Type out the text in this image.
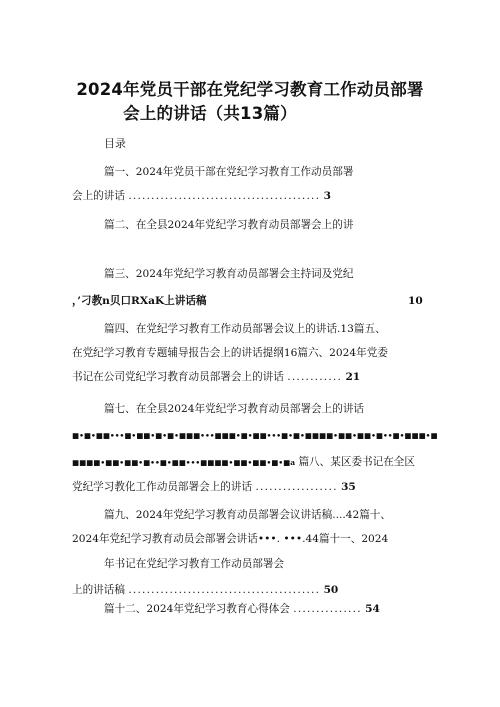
2024年党员干部在党纪学习教育工作动员部署
会上的讲话（共13篇）
目录
篇一、2024年党员干部在党纪学习教育工作动员部署
会上的讲话 .......................................... 3
篇二、在全县2024年党纪学习教育动员部署会上的讲
篇三、2024年党纪学习教育动员部署会主持词及党纪
，’刁教n贝口RXaK上讲话稿	10
篇四、在党纪学习教育工作动员部署会议上的讲话.13篇五、
在党纪学习教育专题辅导报告会上的讲话提纲16篇六、2024年党委
书记在公司党纪学习教育动员部署会上的讲话 ............ 21
篇七、在全县2024年党纪学习教育动员部署会上的讲话
■•■•■■•••■•■■•■•■•■■■•••■■■•■•■■•••■•■•■■■■•■■•■■•■••■•■■■•■
■■■■•■■•■■•■••■•■■•••■■■■•■■•■■•■•■a 篇八、某区委书记在全区
党纪学习教化工作动员部署会上的讲话 .................. 35
篇九、2024年党纪学习教育动员部署会议讲话稿....42篇十、
2024年党纪学习教育动员会部署会讲话•••. •••.44篇十一、2024
年书记在党纪学习教育工作动员部署会
上的讲话稿 .......................................... 50
篇十二、2024年党纪学习教育心得体会 ............... 54
